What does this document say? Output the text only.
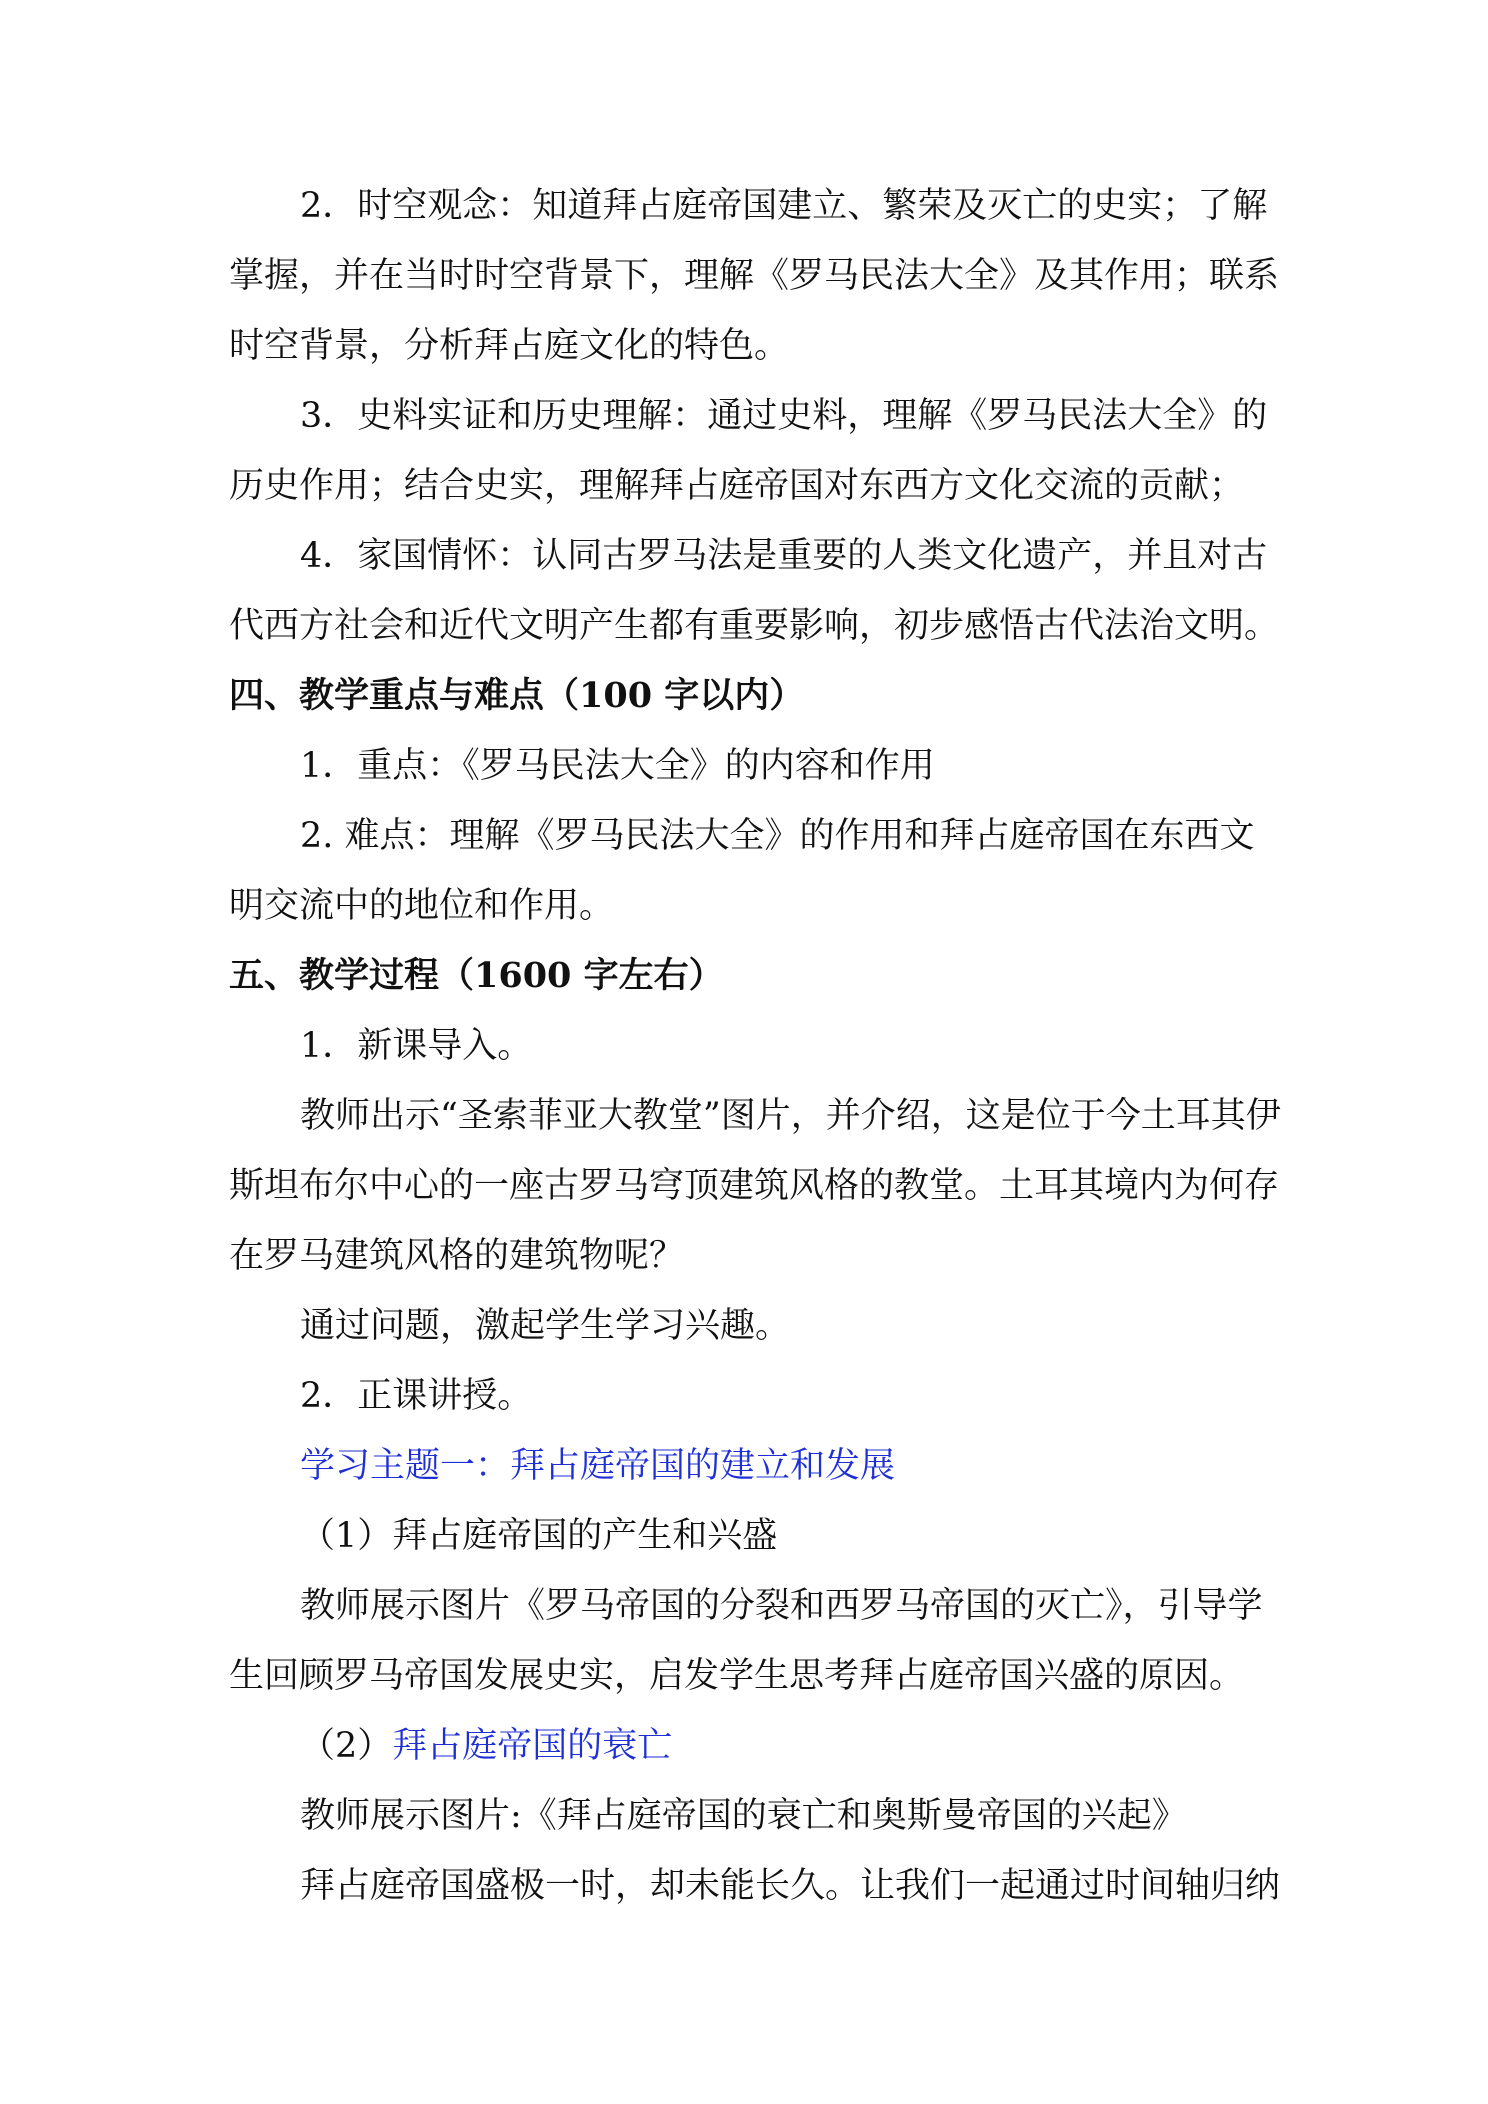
2．时空观念：知道拜占庭帝国建立、繁荣及灭亡的史实；了解
掌握，并在当时时空背景下，理解《罗马民法大全》及其作用；联系
时空背景，分析拜占庭文化的特色。
3．史料实证和历史理解：通过史料，理解《罗马民法大全》的
历史作用；结合史实，理解拜占庭帝国对东西方文化交流的贡献；
4．家国情怀：认同古罗马法是重要的人类文化遗产，并且对古
代西方社会和近代文明产生都有重要影响，初步感悟古代法治文明。
四、教学重点与难点（100 字以内）
1．重点：《罗马民法大全》的内容和作用
2. 难点：理解《罗马民法大全》的作用和拜占庭帝国在东西文
明交流中的地位和作用。
五、教学过程（1600 字左右）
1．新课导入。
教师出示“圣索菲亚大教堂”图片，并介绍，这是位于今土耳其伊
斯坦布尔中心的一座古罗马穹顶建筑风格的教堂。土耳其境内为何存
在罗马建筑风格的建筑物呢？
通过问题，激起学生学习兴趣。
2．正课讲授。
学习主题一：拜占庭帝国的建立和发展
（1）拜占庭帝国的产生和兴盛
教师展示图片《罗马帝国的分裂和西罗马帝国的灭亡》，引导学
生回顾罗马帝国发展史实，启发学生思考拜占庭帝国兴盛的原因。
（2）拜占庭帝国的衰亡
教师展示图片:《拜占庭帝国的衰亡和奥斯曼帝国的兴起》
拜占庭帝国盛极一时，却未能长久。让我们一起通过时间轴归纳
